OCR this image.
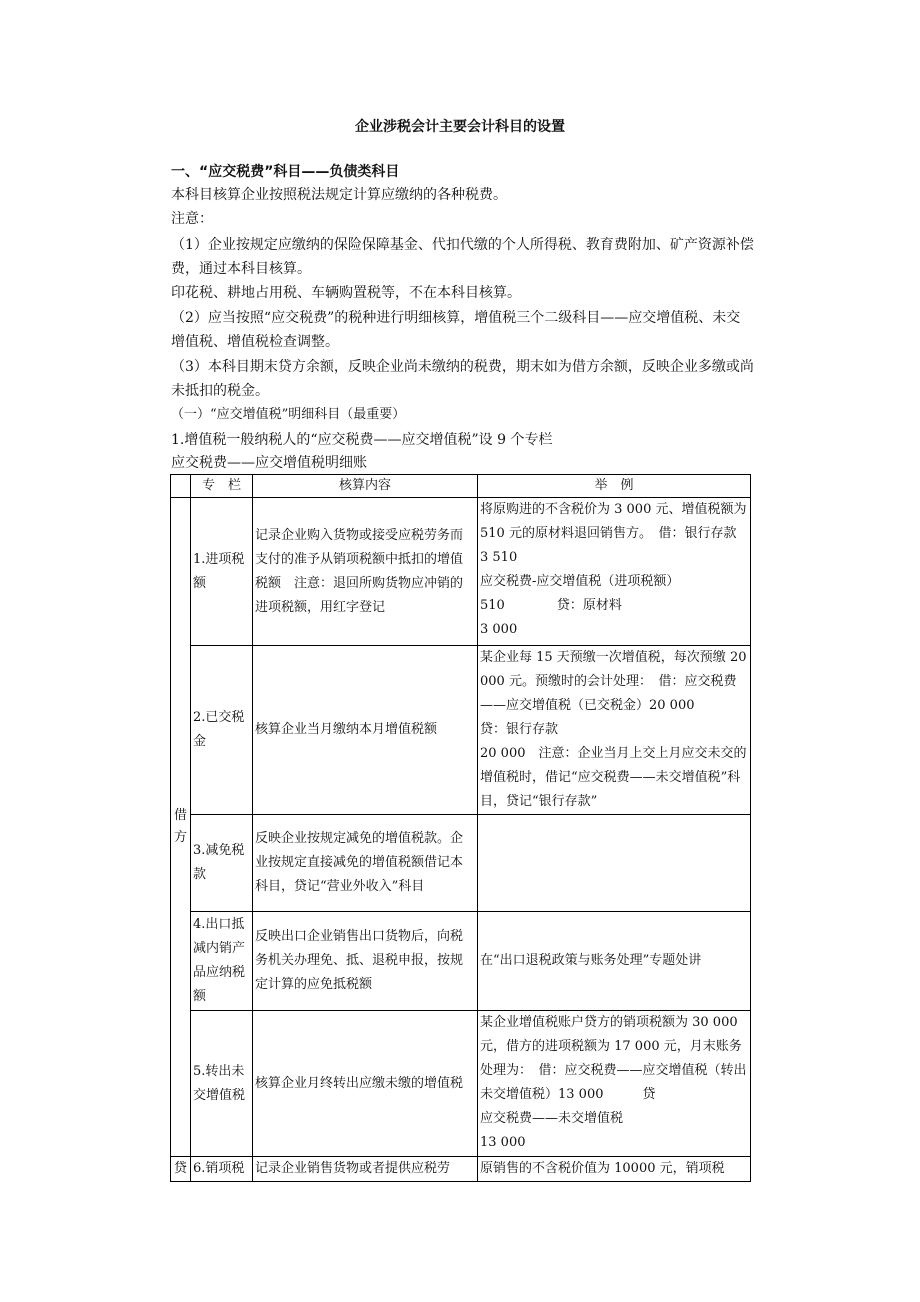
企业涉税会计主要会计科目的设置
一、“应交税费”科目——负债类科目
本科目核算企业按照税法规定计算应缴纳的各种税费。
注意：
（1）企业按规定应缴纳的保险保障基金、代扣代缴的个人所得税、教育费附加、矿产资源补偿
费，通过本科目核算。
印花税、耕地占用税、车辆购置税等，不在本科目核算。
（2）应当按照“应交税费”的税种进行明细核算，增值税三个二级科目——应交增值税、未交
增值税、增值税检查调整。
（3）本科目期末贷方余额，反映企业尚未缴纳的税费，期末如为借方余额，反映企业多缴或尚
未抵扣的税金。
（一）“应交增值税”明细科目（最重要）
1.增值税一般纳税人的“应交税费——应交增值税”设 9 个专栏
应交税费——应交增值税明细账
	专　栏	核算内容	举　例

借方	1.进项税额	记录企业购入货物或接受应税劳务而支付的准予从销项税额中抵扣的增值税额　注意：退回所购货物应冲销的进项税额，用红字登记	将原购进的不含税价为 3 000 元、增值税额为 510 元的原材料退回销售方。　借：银行存款　　　　　　　　　　3 510
应交税费-应交增值税（进项税额）
510　　　　贷：原材料
3 000

	2.已交税金	核算企业当月缴纳本月增值税额	某企业每 15 天预缴一次增值税，每次预缴 20 000 元。预缴时的会计处理：　借：应交税费——应交增值税（已交税金）20 000　　　贷：银行存款
20 000　注意：企业当月上交上月应交未交的增值税时，借记“应交税费——未交增值税”科目，贷记“银行存款”

	3.减免税款	反映企业按规定减免的增值税款。企业按规定直接减免的增值税额借记本科目，贷记“营业外收入”科目	

	4.出口抵减内销产品应纳税额	反映出口企业销售出口货物后，向税务机关办理免、抵、退税申报，按规定计算的应免抵税额	在“出口退税政策与账务处理”专题处讲

	5.转出未交增值税	核算企业月终转出应缴未缴的增值税	某企业增值税账户贷方的销项税额为 30 000 元，借方的进项税额为 17 000 元，月末账务处理为：　借：应交税费——应交增值税（转出未交增值税）13 000　　　贷
应交税费——未交增值税
13 000

贷	6.销项税	记录企业销售货物或者提供应税劳	原销售的不含税价值为 10000 元，销项税
